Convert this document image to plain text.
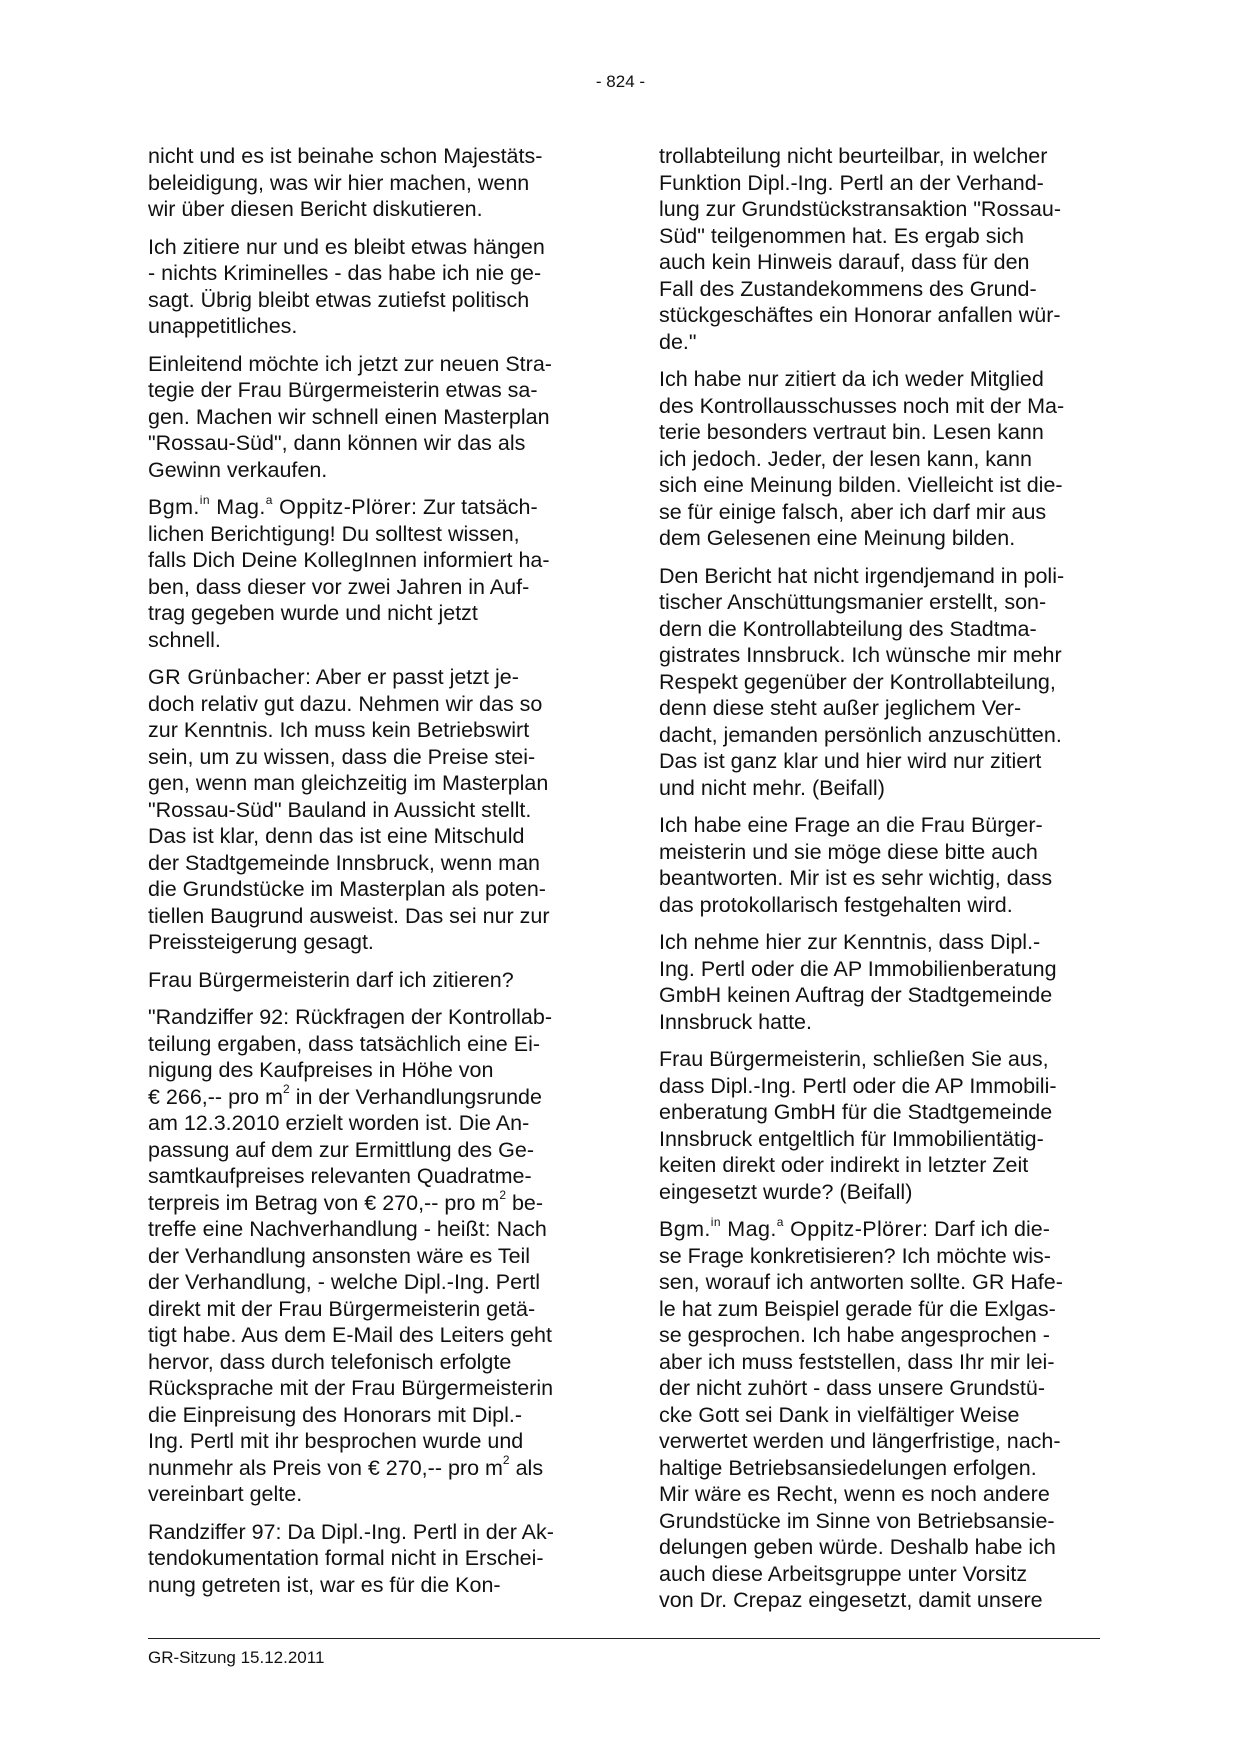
- 824 -

nicht und es ist beinahe schon Majestäts-
beleidigung, was wir hier machen, wenn
wir über diesen Bericht diskutieren.

Ich zitiere nur und es bleibt etwas hängen
- nichts Kriminelles - das habe ich nie ge-
sagt. Übrig bleibt etwas zutiefst politisch
unappetitliches.

Einleitend möchte ich jetzt zur neuen Stra-
tegie der Frau Bürgermeisterin etwas sa-
gen. Machen wir schnell einen Masterplan
"Rossau-Süd", dann können wir das als
Gewinn verkaufen.

Bgm.$^{in}$ Mag.$^a$ Oppitz-Plörer: Zur tatsäch-
lichen Berichtigung! Du solltest wissen,
falls Dich Deine KollegInnen informiert ha-
ben, dass dieser vor zwei Jahren in Auf-
trag gegeben wurde und nicht jetzt
schnell.

GR Grünbacher: Aber er passt jetzt je-
doch relativ gut dazu. Nehmen wir das so
zur Kenntnis. Ich muss kein Betriebswirt
sein, um zu wissen, dass die Preise stei-
gen, wenn man gleichzeitig im Masterplan
"Rossau-Süd" Bauland in Aussicht stellt.
Das ist klar, denn das ist eine Mitschuld
der Stadtgemeinde Innsbruck, wenn man
die Grundstücke im Masterplan als poten-
tiellen Baugrund ausweist. Das sei nur zur
Preissteigerung gesagt.

Frau Bürgermeisterin darf ich zitieren?

"Randziffer 92: Rückfragen der Kontrollab-
teilung ergaben, dass tatsächlich eine Ei-
nigung des Kaufpreises in Höhe von
€ 266,-- pro $m^2$ in der Verhandlungsrunde
am 12.3.2010 erzielt worden ist. Die An-
passung auf dem zur Ermittlung des Ge-
samtkaufpreises relevanten Quadratme-
terpreis im Betrag von € 270,-- pro $m^2$ be-
treffe eine Nachverhandlung - heißt: Nach
der Verhandlung ansonsten wäre es Teil
der Verhandlung, - welche Dipl.-Ing. Pertl
direkt mit der Frau Bürgermeisterin getä-
tigt habe. Aus dem E-Mail des Leiters geht
hervor, dass durch telefonisch erfolgte
Rücksprache mit der Frau Bürgermeisterin
die Einpreisung des Honorars mit Dipl.-
Ing. Pertl mit ihr besprochen wurde und
nunmehr als Preis von € 270,-- pro $m^2$ als
vereinbart gelte.

Randziffer 97: Da Dipl.-Ing. Pertl in der Ak-
tendokumentation formal nicht in Erschei-
nung getreten ist, war es für die Kon-

trollabteilung nicht beurteilbar, in welcher
Funktion Dipl.-Ing. Pertl an der Verhand-
lung zur Grundstückstransaktion "Rossau-
Süd" teilgenommen hat. Es ergab sich
auch kein Hinweis darauf, dass für den
Fall des Zustandekommens des Grund-
stückgeschäftes ein Honorar anfallen wür-
de."

Ich habe nur zitiert da ich weder Mitglied
des Kontrollausschusses noch mit der Ma-
terie besonders vertraut bin. Lesen kann
ich jedoch. Jeder, der lesen kann, kann
sich eine Meinung bilden. Vielleicht ist die-
se für einige falsch, aber ich darf mir aus
dem Gelesenen eine Meinung bilden.

Den Bericht hat nicht irgendjemand in poli-
tischer Anschüttungsmanier erstellt, son-
dern die Kontrollabteilung des Stadtma-
gistrates Innsbruck. Ich wünsche mir mehr
Respekt gegenüber der Kontrollabteilung,
denn diese steht außer jeglichem Ver-
dacht, jemanden persönlich anzuschütten.
Das ist ganz klar und hier wird nur zitiert
und nicht mehr. (Beifall)

Ich habe eine Frage an die Frau Bürger-
meisterin und sie möge diese bitte auch
beantworten. Mir ist es sehr wichtig, dass
das protokollarisch festgehalten wird.

Ich nehme hier zur Kenntnis, dass Dipl.-
Ing. Pertl oder die AP Immobilienberatung
GmbH keinen Auftrag der Stadtgemeinde
Innsbruck hatte.

Frau Bürgermeisterin, schließen Sie aus,
dass Dipl.-Ing. Pertl oder die AP Immobili-
enberatung GmbH für die Stadtgemeinde
Innsbruck entgeltlich für Immobilientätig-
keiten direkt oder indirekt in letzter Zeit
eingesetzt wurde? (Beifall)

Bgm.$^{in}$ Mag.$^a$ Oppitz-Plörer: Darf ich die-
se Frage konkretisieren? Ich möchte wis-
sen, worauf ich antworten sollte. GR Hafe-
le hat zum Beispiel gerade für die Exlgas-
se gesprochen. Ich habe angesprochen -
aber ich muss feststellen, dass Ihr mir lei-
der nicht zuhört - dass unsere Grundstü-
cke Gott sei Dank in vielfältiger Weise
verwertet werden und längerfristige, nach-
haltige Betriebsansiedelungen erfolgen.
Mir wäre es Recht, wenn es noch andere
Grundstücke im Sinne von Betriebsansie-
delungen geben würde. Deshalb habe ich
auch diese Arbeitsgruppe unter Vorsitz
von Dr. Crepaz eingesetzt, damit unsere

GR-Sitzung 15.12.2011
